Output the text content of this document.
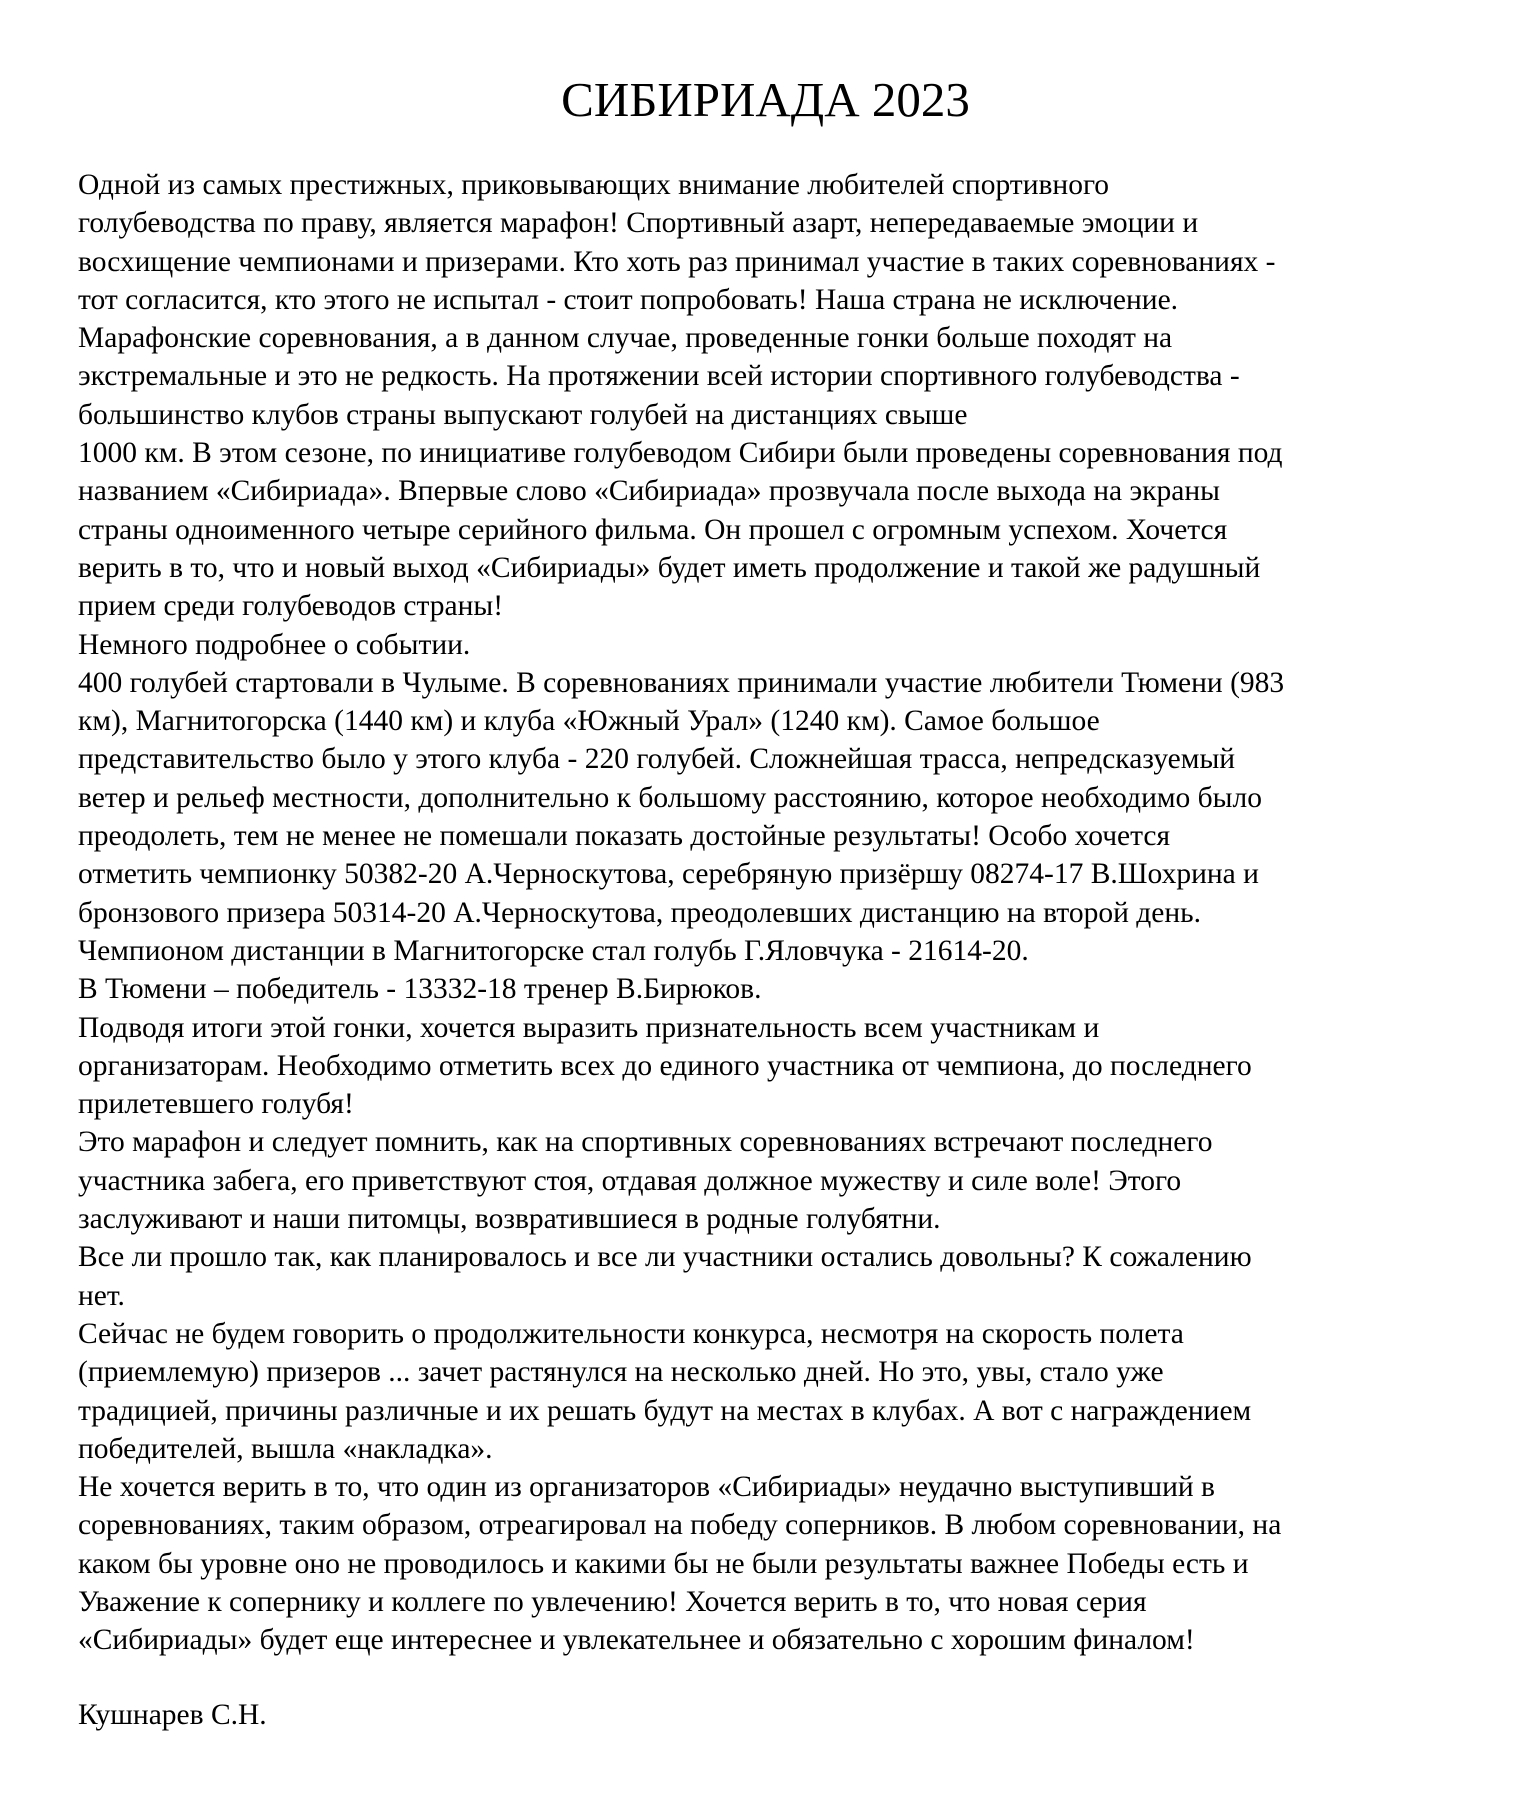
СИБИРИАДА 2023
Одной из самых престижных, приковывающих внимание любителей спортивного
голубеводства по праву, является марафон! Спортивный азарт, непередаваемые эмоции и
восхищение чемпионами и призерами. Кто хоть раз принимал участие в таких соревнованиях -
тот согласится, кто этого не испытал - стоит попробовать! Наша страна не исключение.
Марафонские соревнования, а в данном случае, проведенные гонки больше походят на
экстремальные и это не редкость. На протяжении всей истории спортивного голубеводства -
большинство клубов страны выпускают голубей на дистанциях свыше
1000 км. В этом сезоне, по инициативе голубеводом Сибири были проведены соревнования под
названием «Сибириада». Впервые слово «Сибириада» прозвучала после выхода на экраны
страны одноименного четыре серийного фильма. Он прошел с огромным успехом. Хочется
верить в то, что и новый выход «Сибириады» будет иметь продолжение и такой же радушный
прием среди голубеводов страны!
Немного подробнее о событии.
400 голубей стартовали в Чулыме. В соревнованиях принимали участие любители Тюмени (983
км), Магнитогорска (1440 км) и клуба «Южный Урал» (1240 км). Самое большое
представительство было у этого клуба - 220 голубей. Сложнейшая трасса, непредсказуемый
ветер и рельеф местности, дополнительно к большому расстоянию, которое необходимо было
преодолеть, тем не менее не помешали показать достойные результаты! Особо хочется
отметить чемпионку 50382-20 А.Черноскутова, серебряную призёршу 08274-17 В.Шохрина и
бронзового призера 50314-20 А.Черноскутова, преодолевших дистанцию на второй день.
Чемпионом дистанции в Магнитогорске стал голубь Г.Яловчука - 21614-20.
В Тюмени – победитель - 13332-18 тренер В.Бирюков.
Подводя итоги этой гонки, хочется выразить признательность всем участникам и
организаторам. Необходимо отметить всех до единого участника от чемпиона, до последнего
прилетевшего голубя!
Это марафон и следует помнить, как на спортивных соревнованиях встречают последнего
участника забега, его приветствуют стоя, отдавая должное мужеству и силе воле! Этого
заслуживают и наши питомцы, возвратившиеся в родные голубятни.
Все ли прошло так, как планировалось и все ли участники остались довольны? К сожалению
нет.
Сейчас не будем говорить о продолжительности конкурса, несмотря на скорость полета
(приемлемую) призеров ... зачет растянулся на несколько дней. Но это, увы, стало уже
традицией, причины различные и их решать будут на местах в клубах. А вот с награждением
победителей, вышла «накладка».
Не хочется верить в то, что один из организаторов «Сибириады» неудачно выступивший в
соревнованиях, таким образом, отреагировал на победу соперников. В любом соревновании, на
каком бы уровне оно не проводилось и какими бы не были результаты важнее Победы есть и
Уважение к сопернику и коллеге по увлечению! Хочется верить в то, что новая серия
«Сибириады» будет еще интереснее и увлекательнее и обязательно с хорошим финалом!
Кушнарев С.Н.
